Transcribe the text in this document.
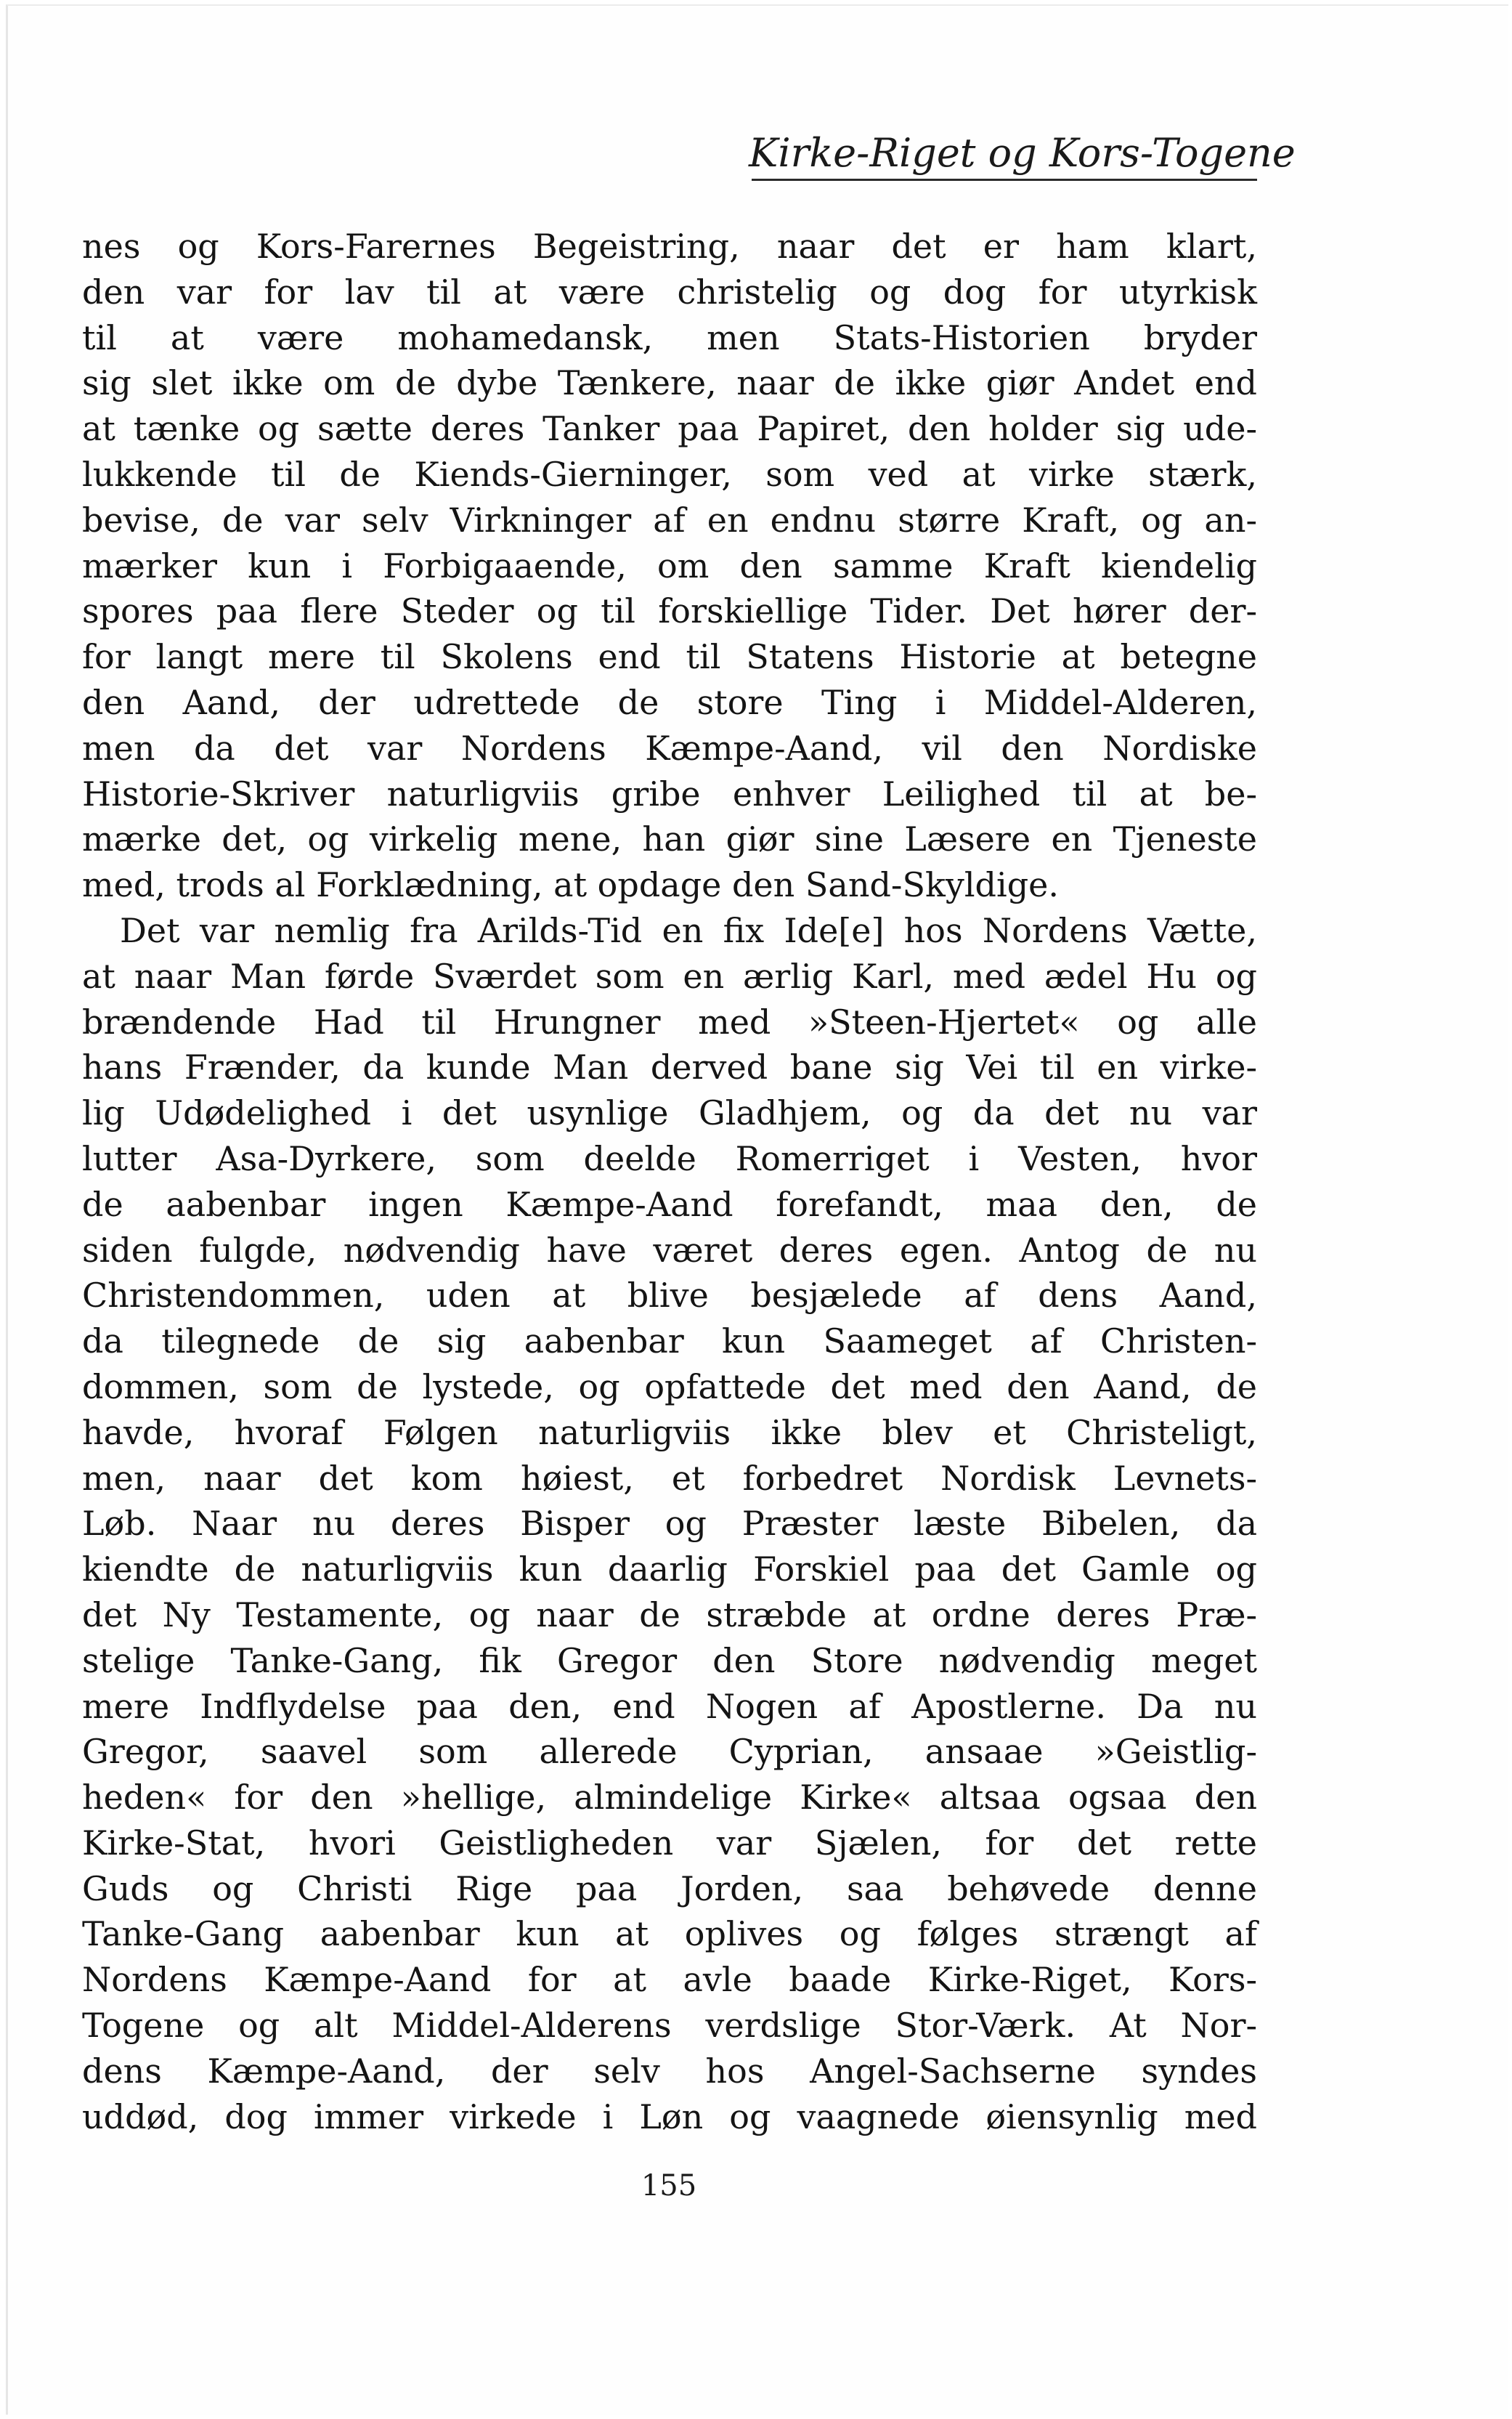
Kirke-Riget og Kors-Togene
nes og Kors-Farernes Begeistring, naar det er ham klart,
den var for lav til at være christelig og dog for utyrkisk
til at være mohamedansk, men Stats-Historien bryder
sig slet ikke om de dybe Tænkere, naar de ikke giør Andet end
at tænke og sætte deres Tanker paa Papiret, den holder sig ude-
lukkende til de Kiends-Gierninger, som ved at virke stærk,
bevise, de var selv Virkninger af en endnu større Kraft, og an-
mærker kun i Forbigaaende, om den samme Kraft kiendelig
spores paa flere Steder og til forskiellige Tider. Det hører der-
for langt mere til Skolens end til Statens Historie at betegne
den Aand, der udrettede de store Ting i Middel-Alderen,
men da det var Nordens Kæmpe-Aand, vil den Nordiske
Historie-Skriver naturligviis gribe enhver Leilighed til at be-
mærke det, og virkelig mene, han giør sine Læsere en Tjeneste
med, trods al Forklædning, at opdage den Sand-Skyldige.
Det var nemlig fra Arilds-Tid en fix Ide[e] hos Nordens Vætte,
at naar Man førde Sværdet som en ærlig Karl, med ædel Hu og
brændende Had til Hrungner med »Steen-Hjertet« og alle
hans Frænder, da kunde Man derved bane sig Vei til en virke-
lig Udødelighed i det usynlige Gladhjem, og da det nu var
lutter Asa-Dyrkere, som deelde Romerriget i Vesten, hvor
de aabenbar ingen Kæmpe-Aand forefandt, maa den, de
siden fulgde, nødvendig have været deres egen. Antog de nu
Christendommen, uden at blive besjælede af dens Aand,
da tilegnede de sig aabenbar kun Saameget af Christen-
dommen, som de lystede, og opfattede det med den Aand, de
havde, hvoraf Følgen naturligviis ikke blev et Christeligt,
men, naar det kom høiest, et forbedret Nordisk Levnets-
Løb. Naar nu deres Bisper og Præster læste Bibelen, da
kiendte de naturligviis kun daarlig Forskiel paa det Gamle og
det Ny Testamente, og naar de stræbde at ordne deres Præ-
stelige Tanke-Gang, fik Gregor den Store nødvendig meget
mere Indflydelse paa den, end Nogen af Apostlerne. Da nu
Gregor, saavel som allerede Cyprian, ansaae »Geistlig-
heden« for den »hellige, almindelige Kirke« altsaa ogsaa den
Kirke-Stat, hvori Geistligheden var Sjælen, for det rette
Guds og Christi Rige paa Jorden, saa behøvede denne
Tanke-Gang aabenbar kun at oplives og følges strængt af
Nordens Kæmpe-Aand for at avle baade Kirke-Riget, Kors-
Togene og alt Middel-Alderens verdslige Stor-Værk. At Nor-
dens Kæmpe-Aand, der selv hos Angel-Sachserne syndes
uddød, dog immer virkede i Løn og vaagnede øiensynlig med
155
